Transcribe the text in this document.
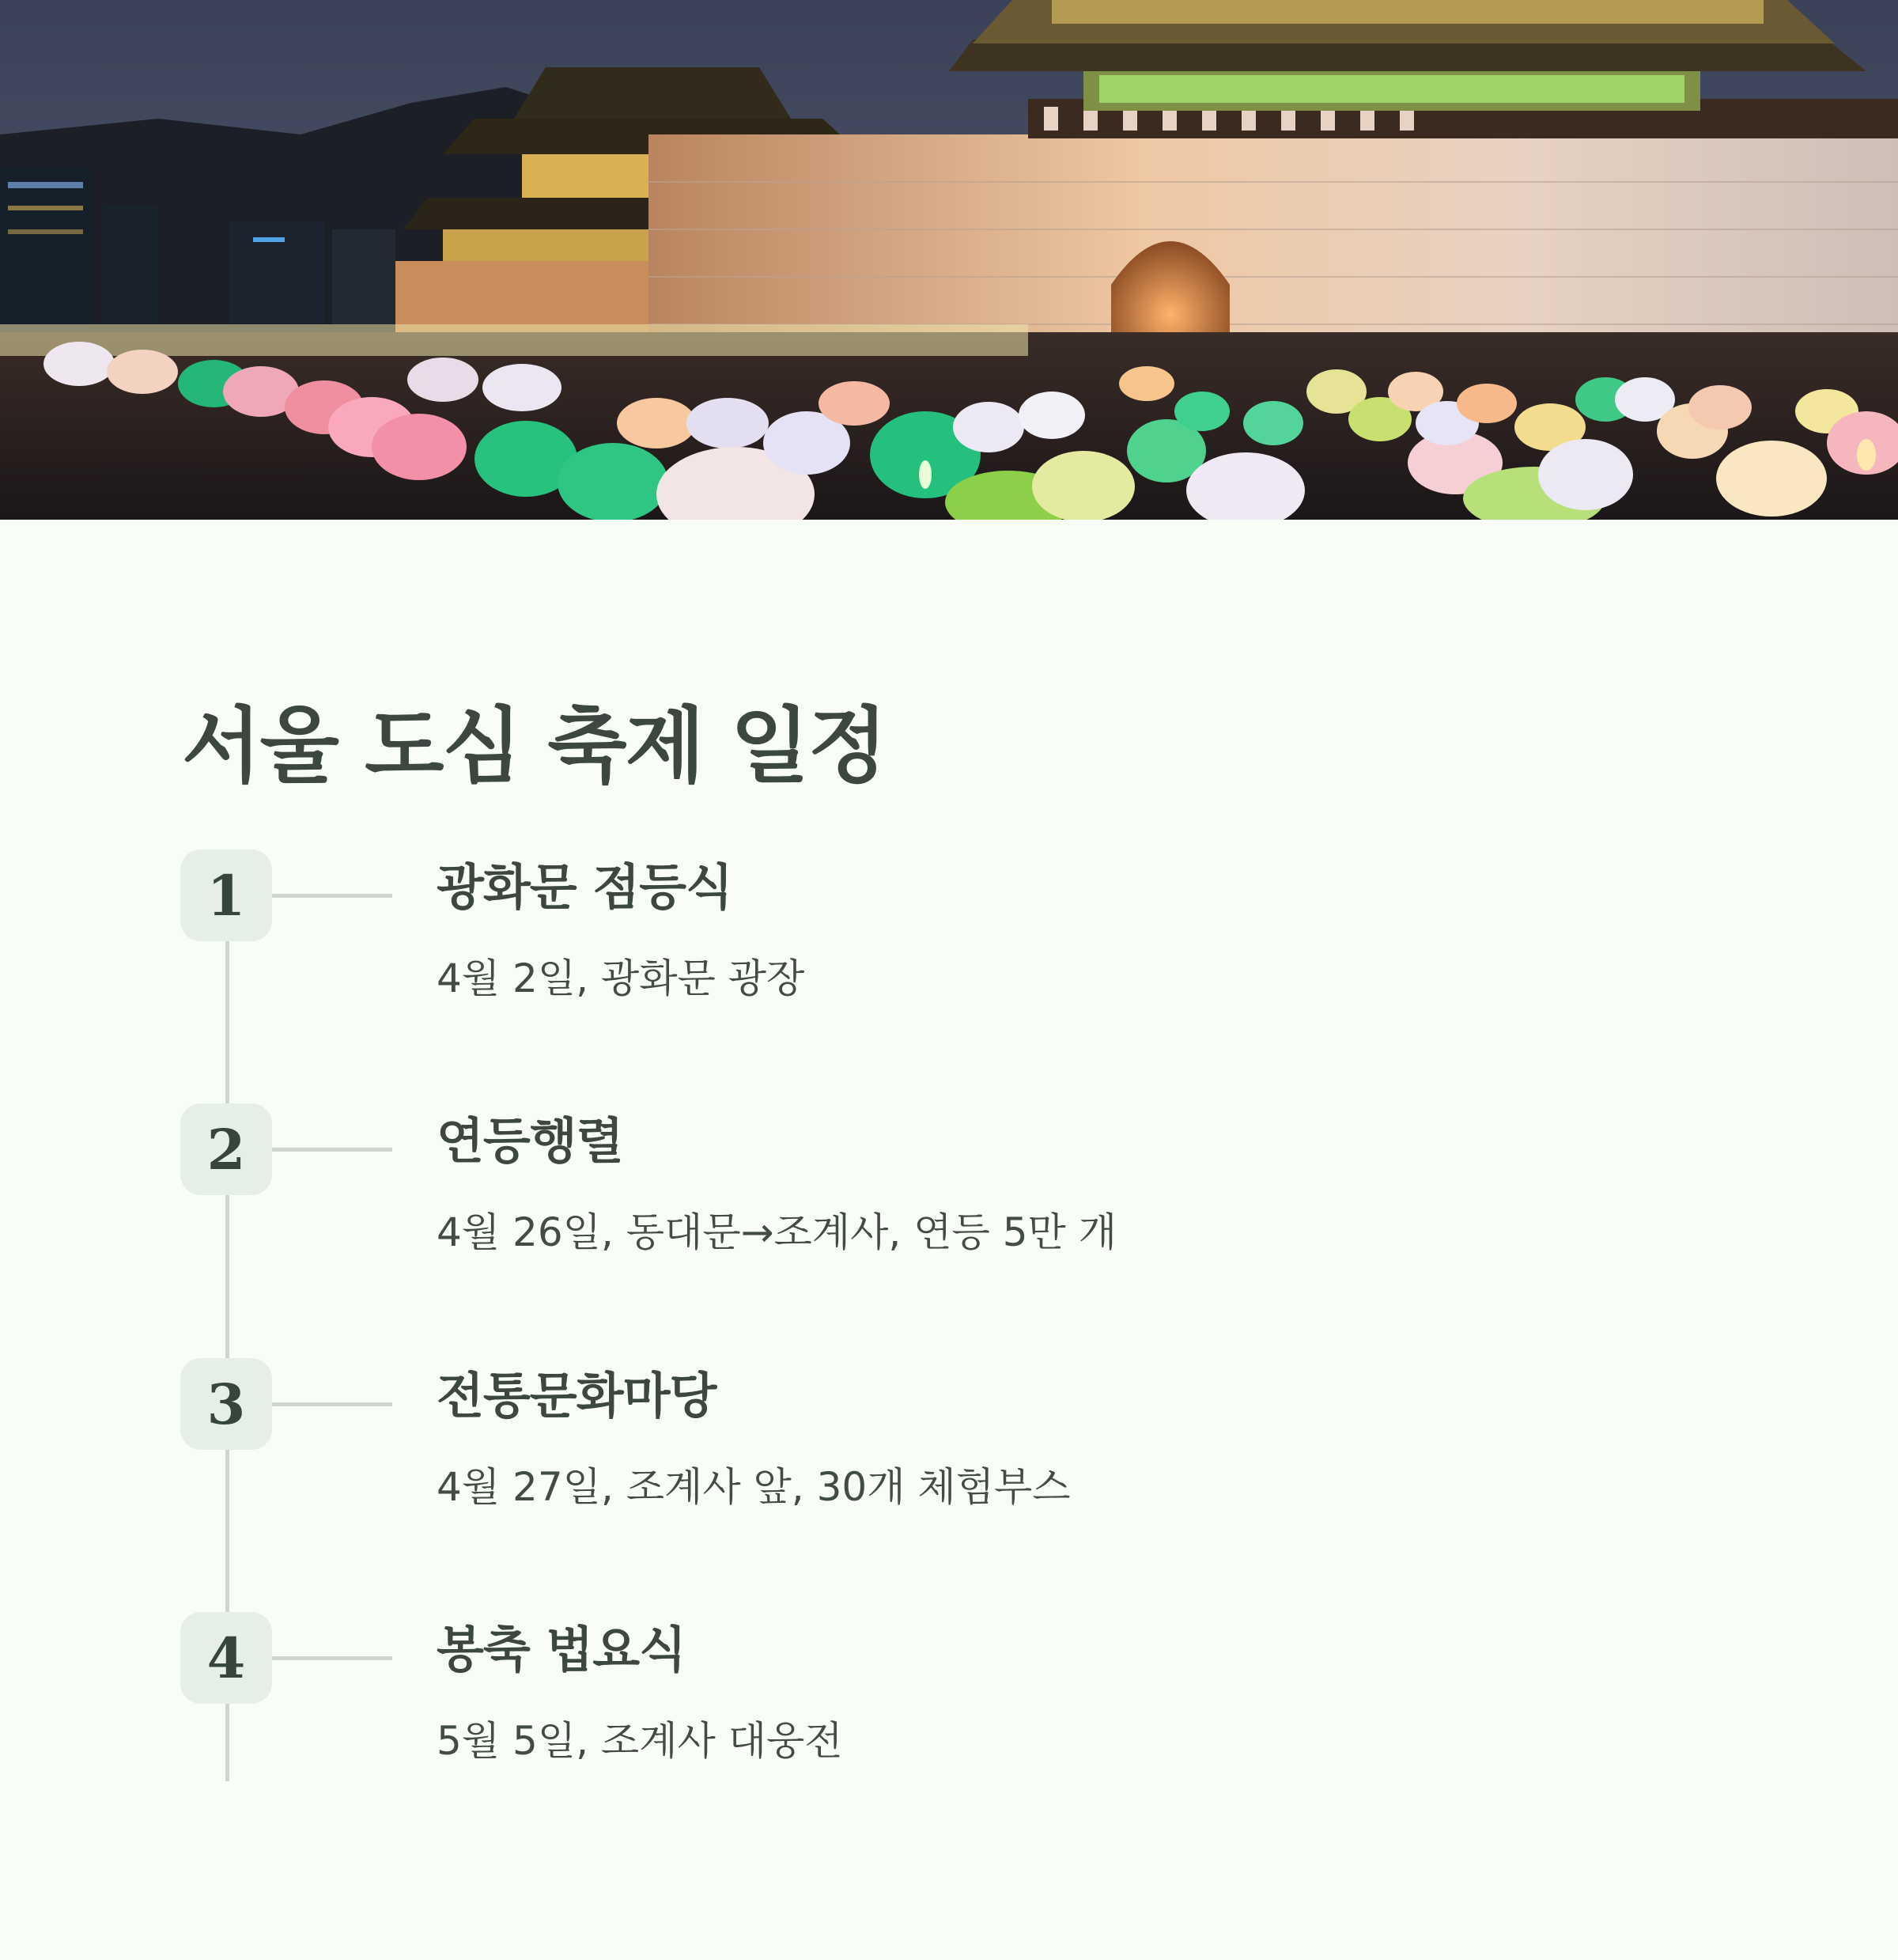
서울 도심 축제 일정
1	광화문 점등식

4월 2일, 광화문 광장

2	연등행렬

4월 26일, 동대문→조계사, 연등 5만 개

3	전통문화마당

4월 27일, 조계사 앞, 30개 체험부스

4	봉축 법요식

5월 5일, 조계사 대웅전
